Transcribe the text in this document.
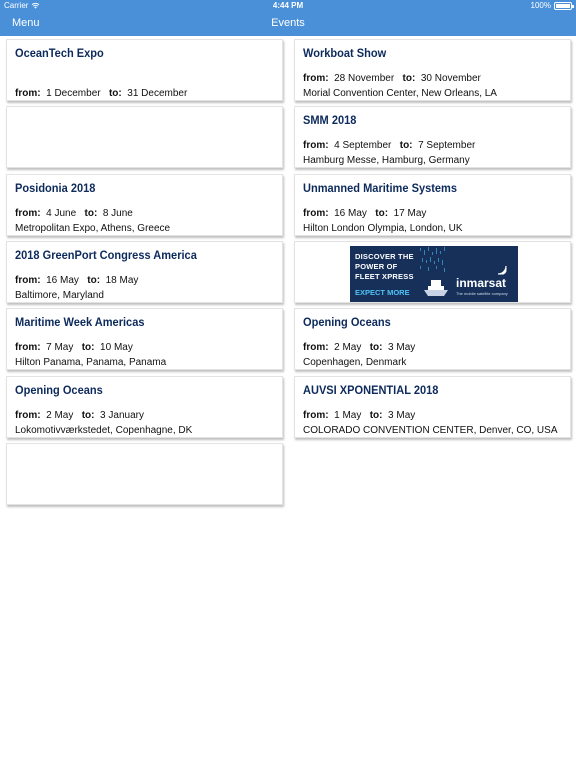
Carrier	4:44 PM	100%
Menu	Events
OceanTech Expo
from: 1 December to: 31 December
Posidonia 2018
from: 4 June to: 8 June
Metropolitan Expo, Athens, Greece
2018 GreenPort Congress America
from: 16 May to: 18 May
Baltimore, Maryland
Maritime Week Americas
from: 7 May to: 10 May
Hilton Panama, Panama, Panama
Opening Oceans
from: 2 May to: 3 January
Lokomotivværkstedet, Copenhagne, DK
Workboat Show
from: 28 November to: 30 November
Morial Convention Center, New Orleans, LA
SMM 2018
from: 4 September to: 7 September
Hamburg Messe, Hamburg, Germany
Unmanned Maritime Systems
from: 16 May to: 17 May
Hilton London Olympia, London, UK
DISCOVER THE
POWER OF
FLEET XPRESS
EXPECT MORE
inmarsat
The mobile satellite company
Opening Oceans
from: 2 May to: 3 May
Copenhagen, Denmark
AUVSI XPONENTIAL 2018
from: 1 May to: 3 May
COLORADO CONVENTION CENTER, Denver, CO, USA
